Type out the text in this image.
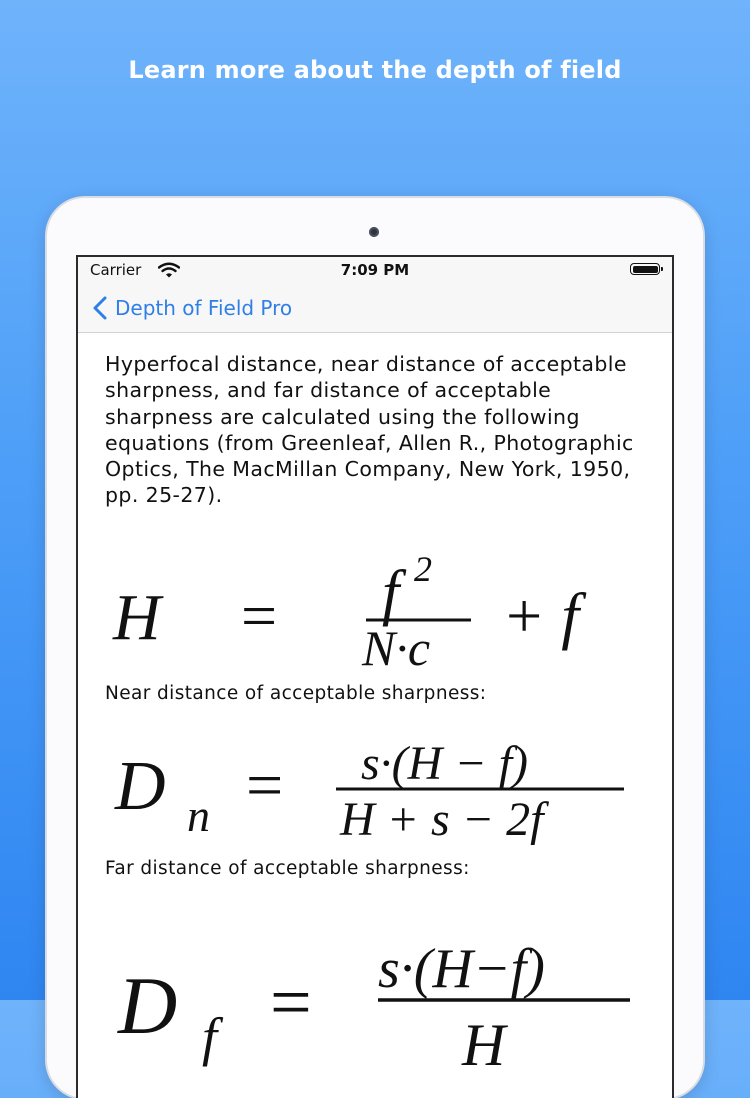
Learn more about the depth of field
Carrier	7:09 PM
Depth of Field Pro
Hyperfocal distance, near distance of acceptable sharpness, and far distance of acceptable sharpness are calculated using the following equations (from Greenleaf, Allen R., Photographic Optics, The MacMillan Company, New York, 1950, pp. 25-27).
H = f 2
N·c + f
Near distance of acceptable sharpness:
D n = s·(H − f)
H + s − 2f
Far distance of acceptable sharpness:
D f = s·(H−f)
H
